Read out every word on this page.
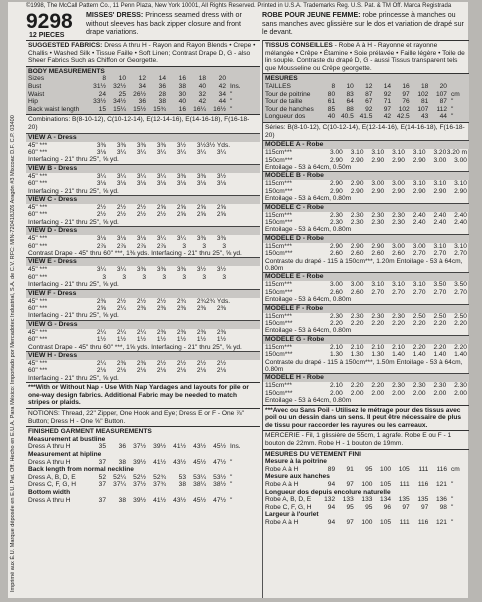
Imprimé aux É.U. Marque déposée en E.U. Pat. Off. Hecho en E.U.A. Para México: Importado por Mercadotec Industrial, S.A. de C.V. RFC: MIN-720418JZ6 Aragón #3 Mixcoac D.F. C.P. 03400
©1998, The McCall Pattern Co., 11 Penn Plaza, New York 10001, All Rights Reserved. Printed in U.S.A. Trademarks Reg. U.S. Pat. & TM Off. Marca Registrada
9298
12 PIECES
MISSES' DRESS: Princess seamed dress with or without sleeves has back zipper closure and front drape variations.
ROBE POUR JEUNE FEMME: robe princesse à manches ou sans manches avec glissière sur le dos et variation de drapé sur le devant.
SUGGESTED FABRICS: Dress A thru H - Rayon and Rayon Blends • Crepe • Challis • Washed Silk • Tissue Faille • Soft Linen; Contrast Drape D, G - also Sheer Fabrics Such as Chiffon or Georgette.
BODY MEASUREMENTS
Sizes	8	10	12	14	16	18	20
Bust	31½	32½	34	36	38	40	42 Ins.
Waist	24	25	26½	28	30	32	34 "
Hip	33½	34½	36	38	40	42	44 "
Back waist length	15	15¼	15½	15¾	16	16¼	16½ "
Combinations: B(8-10-12), C(10-12-14), E(12-14-16), E(14-16-18), F(16-18-20)
VIEW A - Dress
45" ***	3⅜	3⅜	3⅜	3⅜	3½	3½ 3½ Yds.
60" ***	3⅛	3¼	3¼	3¼	3¼	3¼	3¼
Interfacing - 21" thru 25", ⅝ yd.
VIEW B - Dress
45" ***	3¼	3¼	3¼	3¼	3⅜	3⅜	3½
60" ***	3⅛	3⅛	3⅛	3⅛	3⅛	3⅛	3⅛
Interfacing - 21" thru 25", ⅝ yd.
VIEW C - Dress
45" ***	2½	2½	2½	2⅝	2⅝	2⅝	2⅝
60" ***	2½	2½	2½	2½	2⅝	2⅝	2⅝
Interfacing - 21" thru 25", ⅝ yd.
VIEW D - Dress
45" ***	3⅛	3⅛	3⅛	3¼	3¼	3⅜	3⅜
60" ***	2⅞	2⅞	2⅞	2⅞	3	3	3
Contrast Drape - 45" thru 60" ***, 1⅜ yds. Interfacing - 21" thru 25", ⅝ yd.
VIEW E - Dress
45" ***	3¼	3¼	3⅜	3⅜	3⅜	3½	3½
60" ***	3	3	3	3	3	3	3
Interfacing - 21" thru 25", ⅝ yd.
VIEW F - Dress
45" ***	2⅜	2½	2½	2½	2¾	2¾ 2¾ Yds.
60" ***	2⅝	2¼	2⅜	2⅜	2⅜	2⅜	2⅜
Interfacing - 21" thru 25", ⅝ yd.
VIEW G - Dress
45" ***	2¼	2¼	2¼	2⅜	2⅜	2⅜	2⅜
60" ***	1½	1½	1½	1½	1½	1½	1½
Contrast Drape - 45" thru 60" ***, 1⅝ yds. Interfacing - 21" thru 25", ⅝ yd.
VIEW H - Dress
45" ***	2¼	2⅜	2⅜	2½	2½	2½	2½
60" ***	2⅛	2⅛	2⅛	2⅛	2⅛	2⅛	2⅛
Interfacing - 21" thru 25", ⅝ yd.
***With or Without Nap - Use With Nap Yardages and layouts for pile or one-way design fabrics. Additional Fabric may be needed to match stripes or plaids.
NOTIONS: Thread, 22" Zipper, One Hook and Eye; Dress E or F - One ⅞" Button; Dress H - One ⅝" Button.
FINISHED GARMENT MEASUREMENTS
Measurement at bustline
Dress A thru H	35	36	37½	39½	41½	43½	45½ Ins.
Measurement at hipline
Dress A thru H	37	38	39½	41½	43½	45½	47½ "
Back length from normal neckline
Dress A, B, D, E	52	52¼	52½	52¾	53	53¼	53½ "
Dress C, F, G, H	37	37¼	37½	37¾	38	38¼	38½ "
Bottom width
Dress A thru H	37	38	39½	41½	43½	45½	47½ "
TISSUS CONSEILLES - Robe A à H - Rayonne et rayonne mélangée • Crêpe • Étamine • Soie prélavée • Faille légère • Toile de lin souple. Contraste du drapé D, G - aussi Tissus transparent tels que Mousseline ou Crêpe georgette.
MESURES
TAILLES	8	10	12	14	16	18	20
Tour de poitrine	80	83	87	92	97	102	107 cm
Tour de taille	61	64	67	71	76	81	87 "
Tour de hanches	85	88	92	97	102	107	112 "
Longueur dos	40 40.5 41.5	42 42.5	43	44 "
Séries: B(8-10-12), C(10-12-14), E(12-14-16), E(14-16-18), F(16-18-20)
MODELE A - Robe
115cm***	3.00	3.10	3.10	3.10	3.10	3.20 3.20 m
150cm***	2.90	2.90	2.90	2.90	2.90	3.00	3.00
Entoilage - 53 à 64cm, 0.50m
MODELE B - Robe
115cm***	2.90	2.90	3.00	3.00	3.10	3.10	3.10
150cm***	2.90	2.90	2.90	2.90	2.90	2.90	2.90
Entoilage - 53 à 64cm, 0.80m
MODELE C - Robe
115cm***	2.30	2.30	2.30	2.30	2.40	2.40	2.40
150cm***	2.30	2.30	2.30	2.30	2.40	2.40	2.40
Entoilage - 53 à 64cm, 0.80m
MODELE D - Robe
115cm***	2.90	2.90	2.90	3.00	3.00	3.10	3.10
150cm***	2.60	2.60	2.60	2.60	2.70	2.70	2.70
Contraste du drapé - 115 à 150cm***, 1.20m Entoilage - 53 à 64cm, 0.80m
MODELE E - Robe
115cm***	3.00	3.00	3.10	3.10	3.10	3.50	3.50
150cm***	2.60	2.60	2.70	2.70	2.70	2.70	2.70
Entoilage - 53 à 64cm, 0.80m
MODELE F - Robe
115cm***	2.30	2.30	2.30	2.30	2.50	2.50	2.50
150cm***	2.20	2.20	2.20	2.20	2.20	2.20	2.20
Entoilage - 53 à 64cm, 0.80m
MODELE G - Robe
115cm***	2.10	2.10	2.10	2.10	2.20	2.20	2.20
150cm***	1.30	1.30	1.30	1.40	1.40	1.40	1.40
Contraste du drapé - 115 à 150cm***, 1.50m Entoilage - 53 à 64cm, 0.80m
MODELE H - Robe
115cm***	2.10	2.20	2.20	2.30	2.30	2.30	2.30
150cm***	2.00	2.00	2.00	2.00	2.00	2.00	2.00
Entoilage - 53 à 64cm, 0.80m
***Avec ou Sans Poil - Utilisez le métrage pour des tissus avec poil ou un dessin dans un sens. Il peut être nécessaire de plus de tissu pour raccorder les rayures ou les carreaux.
MERCERIE - Fil, 1 glissière de 55cm, 1 agrafe. Robe E ou F - 1 bouton de 22mm. Robe H - 1 bouton de 19mm.
MESURES DU VETEMENT FINI
Mesure à la poitrine
Robe A à H	89	91	95	100	105	111	116 cm
Mesure aux hanches
Robe A à H	94	97	100	105	111	116	121 "
Longueur dos depuis encolure naturelle
Robe A, B, D, E	132	133	133	134	135	135	136 "
Robe C, F, G, H	94	95	95	96	97	97	98 "
Largeur à l'ourlet
Robe A à H	94	97	100	105	111	116	121 "
